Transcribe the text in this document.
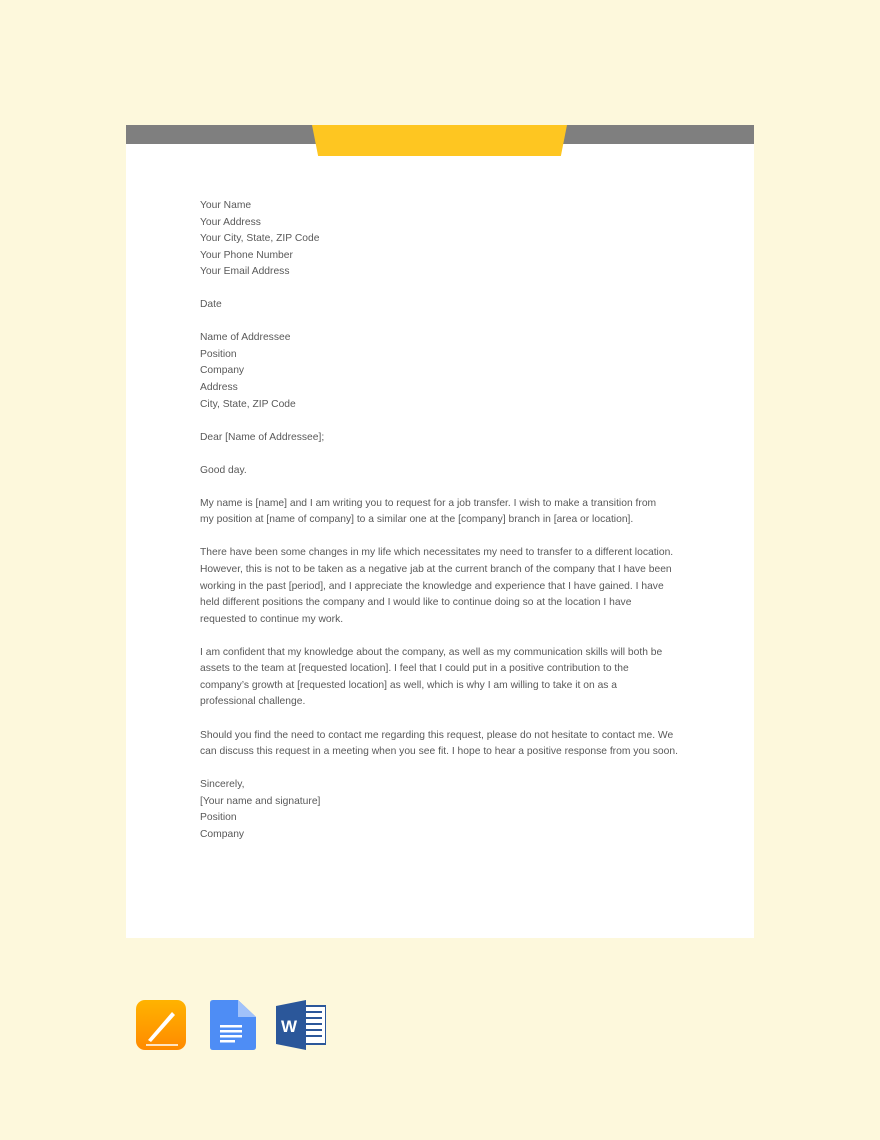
Your Name
Your Address
Your City, State, ZIP Code
Your Phone Number
Your Email Address
Date
Name of Addressee
Position
Company
Address
City, State, ZIP Code
Dear [Name of Addressee];
Good day.
My name is [name] and I am writing you to request for a job transfer. I wish to make a transition from
my position at [name of company] to a similar one at the [company] branch in [area or location].
There have been some changes in my life which necessitates my need to transfer to a different location.
However, this is not to be taken as a negative jab at the current branch of the company that I have been
working in the past [period], and I appreciate the knowledge and experience that I have gained. I have
held different positions the company and I would like to continue doing so at the location I have
requested to continue my work.
I am confident that my knowledge about the company, as well as my communication skills will both be
assets to the team at [requested location]. I feel that I could put in a positive contribution to the
company’s growth at [requested location] as well, which is why I am willing to take it on as a
professional challenge.
Should you find the need to contact me regarding this request, please do not hesitate to contact me. We
can discuss this request in a meeting when you see fit. I hope to hear a positive response from you soon.
Sincerely,
[Your name and signature]
Position
Company
W
